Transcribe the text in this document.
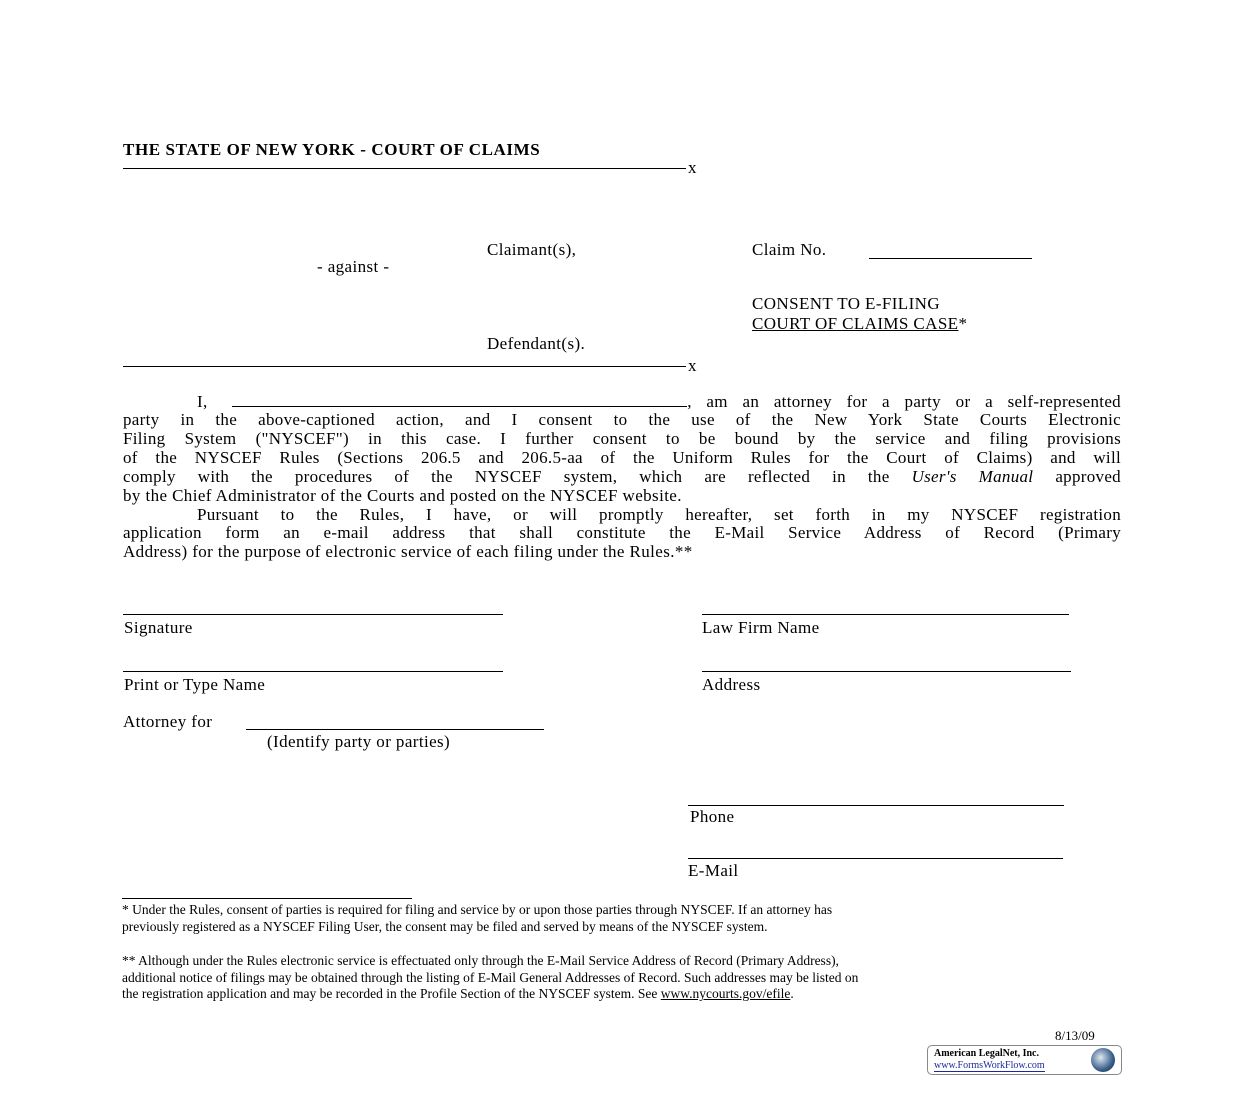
THE STATE OF NEW YORK - COURT OF CLAIMS
x
Claimant(s),
- against -
Defendant(s).
x
Claim No.
CONSENT TO E-FILING
COURT OF CLAIMS CASE*
I,	, am an attorney for a party or a self-represented
party in the above-captioned action, and I consent to the use of the New York State Courts Electronic
Filing System ("NYSCEF") in this case. I further consent to be bound by the service and filing provisions
of the NYSCEF Rules (Sections 206.5 and 206.5-aa of the Uniform Rules for the Court of Claims) and will
comply with the procedures of the NYSCEF system, which are reflected in the User's Manual approved
by the Chief Administrator of the Courts and posted on the NYSCEF website.
Pursuant to the Rules, I have, or will promptly hereafter, set forth in my NYSCEF registration
application form an e-mail address that shall constitute the E-Mail Service Address of Record (Primary
Address) for the purpose of electronic service of each filing under the Rules.**
Signature	Law Firm Name
Print or Type Name	Address
Attorney for
(Identify party or parties)
Phone
E-Mail
* Under the Rules, consent of parties is required for filing and service by or upon those parties through NYSCEF. If an attorney has
previously registered as a NYSCEF Filing User, the consent may be filed and served by means of the NYSCEF system.
** Although under the Rules electronic service is effectuated only through the E-Mail Service Address of Record (Primary Address),
additional notice of filings may be obtained through the listing of E-Mail General Addresses of Record. Such addresses may be listed on
the registration application and may be recorded in the Profile Section of the NYSCEF system. See www.nycourts.gov/efile.
8/13/09
American LegalNet, Inc.
www.FormsWorkFlow.com
